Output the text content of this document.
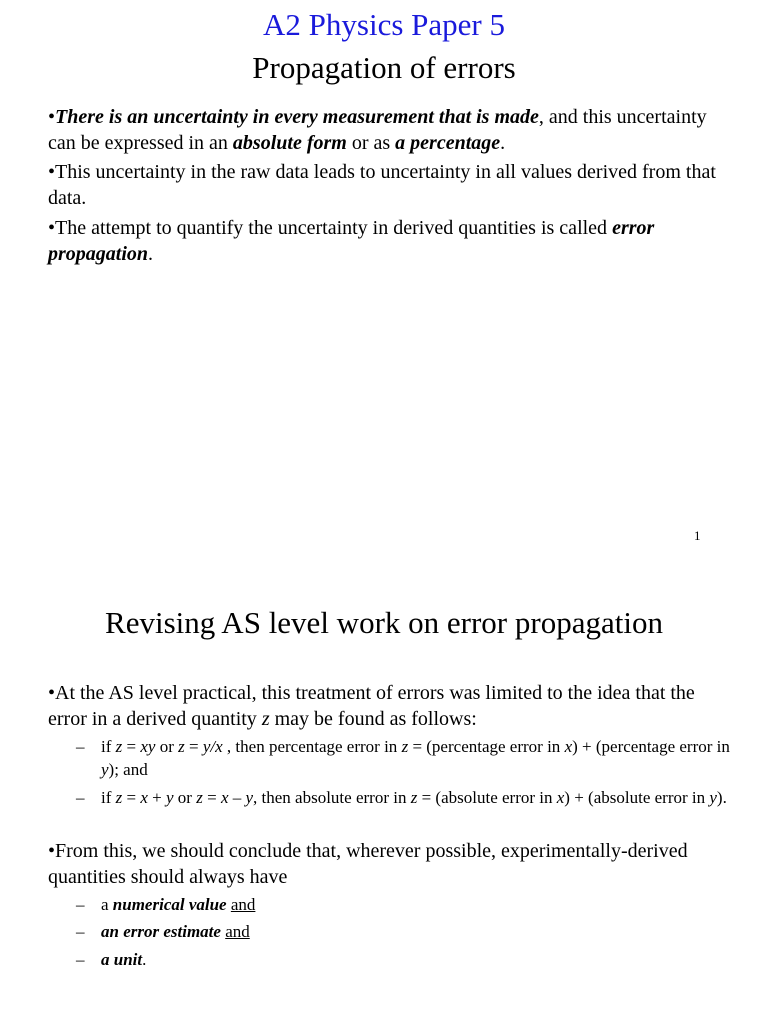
A2 Physics Paper 5
Propagation of errors
•There is an uncertainty in every measurement that is made, and this uncertainty can be expressed in an absolute form or as a percentage.
•This uncertainty in the raw data leads to uncertainty in all values derived from that data.
•The attempt to quantify the uncertainty in derived quantities is called error propagation.
1
Revising AS level work on error propagation
•At the AS level practical, this treatment of errors was limited to the idea that the error in a derived quantity z may be found as follows:
– if z = xy or z = y/x , then percentage error in z = (percentage error in x) + (percentage error in y); and
– if z = x + y or z = x – y, then absolute error in z = (absolute error in x) + (absolute error in y).
•From this, we should conclude that, wherever possible, experimentally-derived quantities should always have
– a numerical value and
– an error estimate and
– a unit.
